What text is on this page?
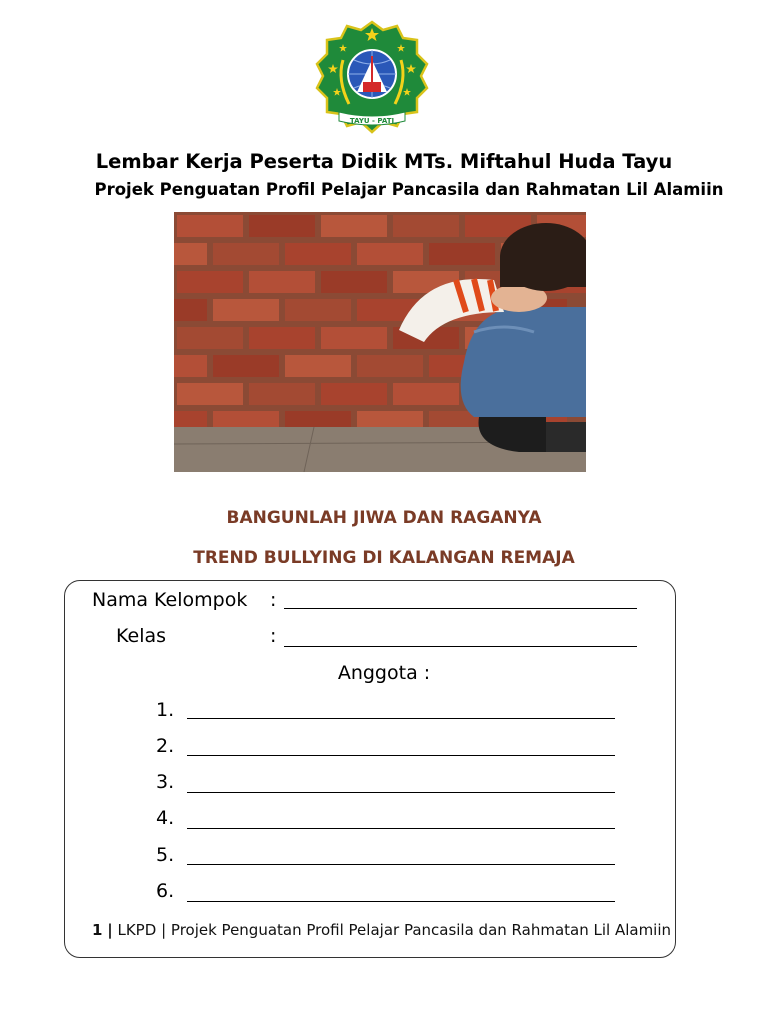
TAYU - PATI
Lembar Kerja Peserta Didik MTs. Miftahul Huda Tayu
Projek Penguatan Profil Pelajar Pancasila dan Rahmatan Lil Alamiin
BANGUNLAH JIWA DAN RAGANYA
TREND BULLYING DI KALANGAN REMAJA
Nama Kelompok :
Kelas	:
Anggota :
1.
2.
3.
4.
5.
6.
1 | LKPD | Projek Penguatan Profil Pelajar Pancasila dan Rahmatan Lil Alamiin
